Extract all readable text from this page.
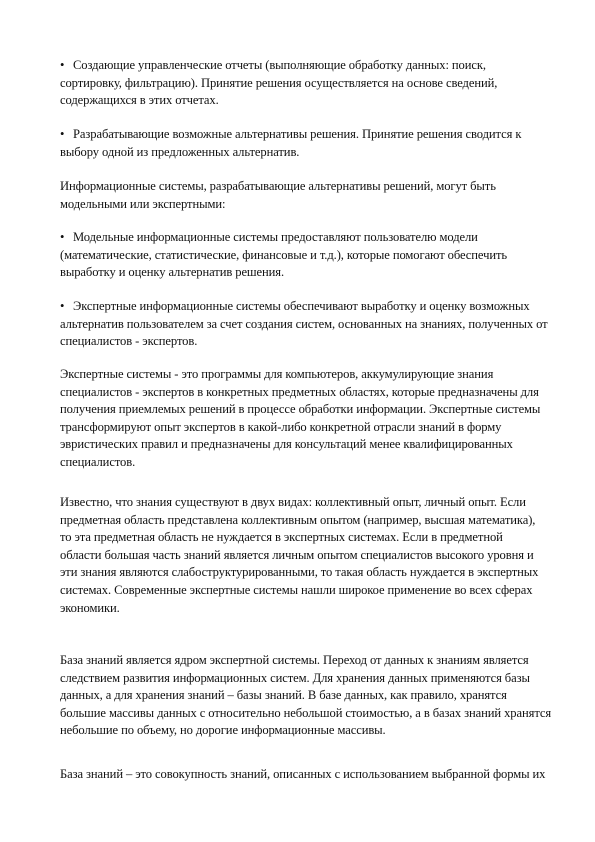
• Создающие управленческие отчеты (выполняющие обработку данных: поиск,
сортировку, фильтрацию). Принятие решения осуществляется на основе сведений,
содержащихся в этих отчетах.
• Разрабатывающие возможные альтернативы решения. Принятие решения сводится к
выбору одной из предложенных альтернатив.
Информационные системы, разрабатывающие альтернативы решений, могут быть
модельными или экспертными:
• Модельные информационные системы предоставляют пользователю модели
(математические, статистические, финансовые и т.д.), которые помогают обеспечить
выработку и оценку альтернатив решения.
• Экспертные информационные системы обеспечивают выработку и оценку возможных
альтернатив пользователем за счет создания систем, основанных на знаниях, полученных от
специалистов - экспертов.
Экспертные системы - это программы для компьютеров, аккумулирующие знания
специалистов - экспертов в конкретных предметных областях, которые предназначены для
получения приемлемых решений в процессе обработки информации. Экспертные системы
трансформируют опыт экспертов в какой-либо конкретной отрасли знаний в форму
эвристических правил и предназначены для консультаций менее квалифицированных
специалистов.
Известно, что знания существуют в двух видах: коллективный опыт, личный опыт. Если
предметная область представлена коллективным опытом (например, высшая математика),
то эта предметная область не нуждается в экспертных системах. Если в предметной
области большая часть знаний является личным опытом специалистов высокого уровня и
эти знания являются слабоструктурированными, то такая область нуждается в экспертных
системах. Современные экспертные системы нашли широкое применение во всех сферах
экономики.
База знаний является ядром экспертной системы. Переход от данных к знаниям является
следствием развития информационных систем. Для хранения данных применяются базы
данных, а для хранения знаний – базы знаний. В базе данных, как правило, хранятся
большие массивы данных с относительно небольшой стоимостью, а в базах знаний хранятся
небольшие по объему, но дорогие информационные массивы.
База знаний – это совокупность знаний, описанных с использованием выбранной формы их
